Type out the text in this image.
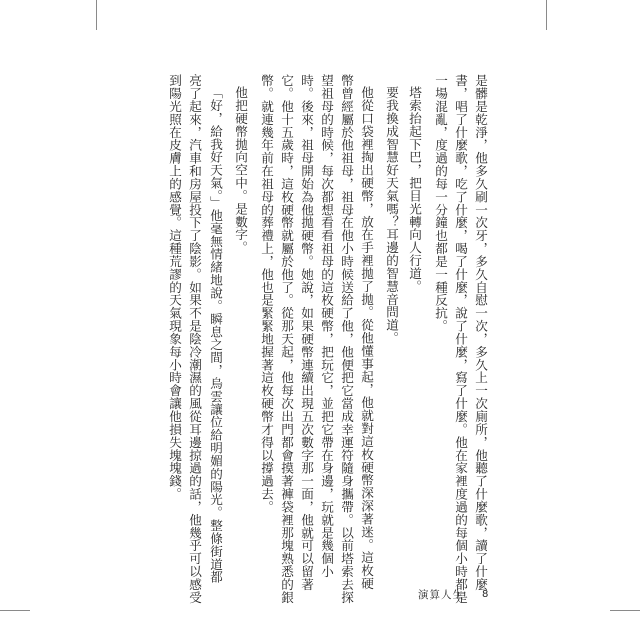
是髒是乾淨，他多久刷一次牙，多久自慰一次，多久上一次廁所，他聽了什麼歌，讀了什麼
書，唱了什麼歌，吃了什麼，喝了什麼，說了什麼，寫了什麼。他在家裡度過的每個小時都是
一場混亂，度過的每一分鐘也都是一種反抗。
塔索抬起下巴，把目光轉向人行道。
要我換成智慧好天氣嗎？耳邊的智慧音問道。
他從口袋裡掏出硬幣，放在手裡拋了拋。從他懂事起，他就對這枚硬幣深深著迷。這枚硬
幣曾經屬於他祖母，祖母在他小時候送給了他，他便把它當成幸運符隨身攜帶。以前塔索去探
望祖母的時候，每次都想看看祖母的這枚硬幣，把玩它，並把它帶在身邊，玩就是幾個小
時。後來，祖母開始為他拋硬幣。她說，如果硬幣連續出現五次數字那一面，他就可以留著
它。他十五歲時，這枚硬幣就屬於他了。從那天起，他每次出門都會摸著褲袋裡那塊熟悉的銀
幣。就連幾年前在祖母的葬禮上，他也是緊緊地握著這枚硬幣才得以撐過去。
他把硬幣拋向空中。是數字。
「好，給我好天氣。」他毫無情緒地說。瞬息之間，烏雲讓位給明媚的陽光。整條街道都
亮了起來，汽車和房屋投下了陰影。如果不是陰冷潮濕的風從耳邊掠過的話，他幾乎可以感受
到陽光照在皮膚上的感覺。這種荒謬的天氣現象每小時會讓他損失塊塊錢。
演算人生 8
